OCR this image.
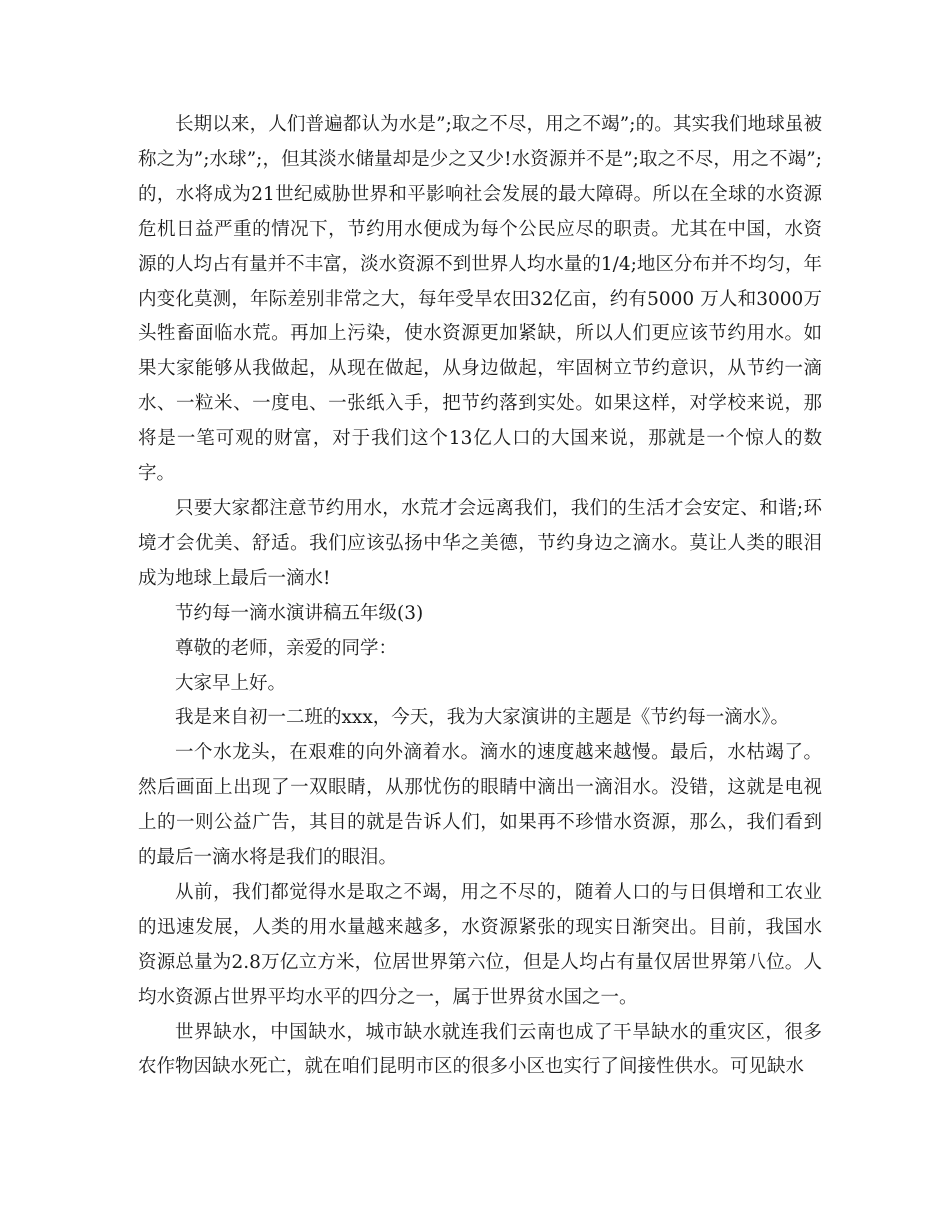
长期以来，人们普遍都认为水是”;取之不尽，用之不竭”;的。其实我们地球虽被称之为”;水球”;，但其淡水储量却是少之又少!水资源并不是”;取之不尽，用之不竭”; 的，水将成为21世纪威胁世界和平影响社会发展的最大障碍。所以在全球的水资源危机日益严重的情况下，节约用水便成为每个公民应尽的职责。尤其在中国，水资源的人均占有量并不丰富，淡水资源不到世界人均水量的1/4;地区分布并不均匀，年内变化莫测，年际差别非常之大，每年受旱农田32亿亩，约有5000 万人和3000万头牲畜面临水荒。再加上污染，使水资源更加紧缺，所以人们更应该节约用水。如果大家能够从我做起，从现在做起，从身边做起，牢固树立节约意识，从节约一滴水、一粒米、一度电、一张纸入手，把节约落到实处。如果这样，对学校来说，那将是一笔可观的财富，对于我们这个13亿人口的大国来说，那就是一个惊人的数字。

只要大家都注意节约用水，水荒才会远离我们，我们的生活才会安定、和谐;环境才会优美、舒适。我们应该弘扬中华之美德，节约身边之滴水。莫让人类的眼泪成为地球上最后一滴水!

节约每一滴水演讲稿五年级(3)

尊敬的老师，亲爱的同学：

大家早上好。

我是来自初一二班的xxx，今天，我为大家演讲的主题是《节约每一滴水》。

一个水龙头，在艰难的向外滴着水。滴水的速度越来越慢。最后，水枯竭了。然后画面上出现了一双眼睛，从那忧伤的眼睛中滴出一滴泪水。没错，这就是电视上的一则公益广告，其目的就是告诉人们，如果再不珍惜水资源，那么，我们看到的最后一滴水将是我们的眼泪。

从前，我们都觉得水是取之不竭，用之不尽的，随着人口的与日俱增和工农业的迅速发展，人类的用水量越来越多，水资源紧张的现实日渐突出。目前，我国水资源总量为2.8万亿立方米，位居世界第六位，但是人均占有量仅居世界第八位。人均水资源占世界平均水平的四分之一，属于世界贫水国之一。

世界缺水，中国缺水，城市缺水就连我们云南也成了干旱缺水的重灾区，很多农作物因缺水死亡，就在咱们昆明市区的很多小区也实行了间接性供水。可见缺水
